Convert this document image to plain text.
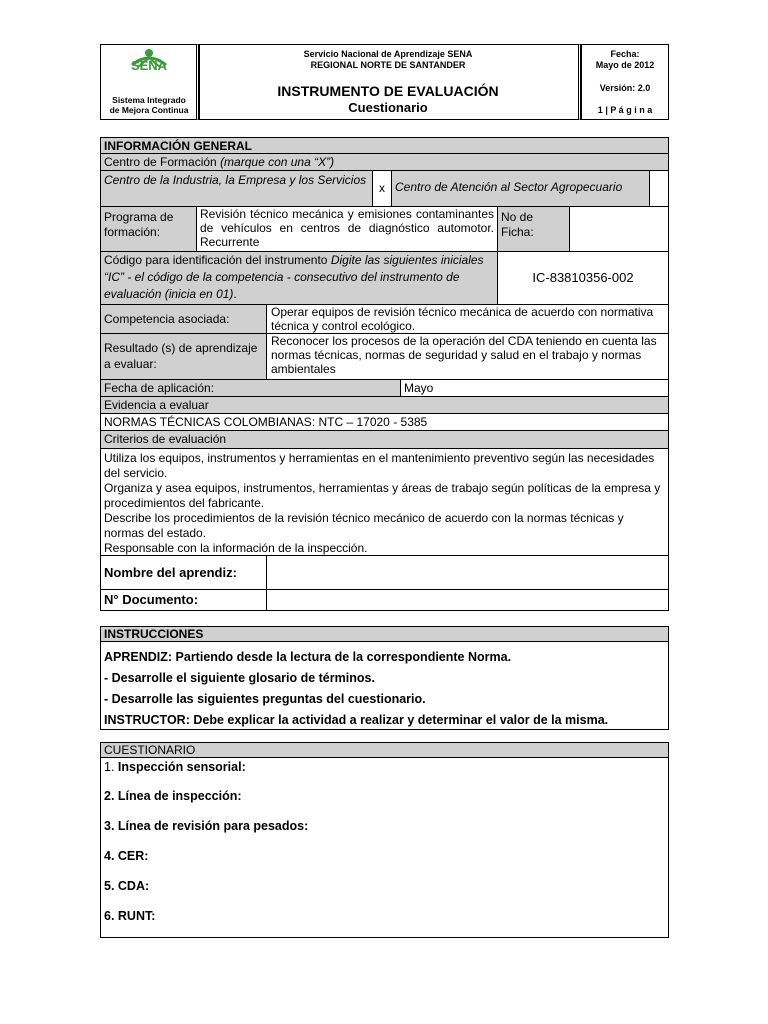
SENA
Sistema Integrado
de Mejora Continua
Servicio Nacional de Aprendizaje SENA
REGIONAL NORTE DE SANTANDER
INSTRUMENTO DE EVALUACIÓN
Cuestionario
Fecha:
Mayo de 2012
Versión: 2.0
1 | P á g i n a
INFORMACIÓN GENERAL
Centro de Formación (marque con una “X”)
Centro de la Industria, la Empresa y los Servicios
x Centro de Atención al Sector Agropecuario
Programa de formación:
Revisión técnico mecánica y emisiones contaminantes de vehículos en centros de diagnóstico automotor. Recurrente
No de Ficha:
Código para identificación del instrumento Digite las siguientes iniciales “IC” - el código de la competencia - consecutivo del instrumento de evaluación (inicia en 01).
IC-83810356-002
Competencia asociada:	Operar equipos de revisión técnico mecánica de acuerdo con normativa técnica y control ecológico.
Resultado (s) de aprendizaje a evaluar:
Reconocer los procesos de la operación del CDA teniendo en cuenta las normas técnicas, normas de seguridad y salud en el trabajo y normas ambientales
Fecha de aplicación:	Mayo
Evidencia a evaluar
NORMAS TÉCNICAS COLOMBIANAS: NTC – 17020 - 5385
Criterios de evaluación
Utiliza los equipos, instrumentos y herramientas en el mantenimiento preventivo según las necesidades del servicio.
Organiza y asea equipos, instrumentos, herramientas y áreas de trabajo según políticas de la empresa y procedimientos del fabricante.
Describe los procedimientos de la revisión técnico mecánico de acuerdo con la normas técnicas y normas del estado.
Responsable con la información de la inspección.
Nombre del aprendiz:
N° Documento:
INSTRUCCIONES
APRENDIZ: Partiendo desde la lectura de la correspondiente Norma.
- Desarrolle el siguiente glosario de términos.
- Desarrolle las siguientes preguntas del cuestionario.
INSTRUCTOR: Debe explicar la actividad a realizar y determinar el valor de la misma.
CUESTIONARIO
1. Inspección sensorial:
2. Línea de inspección:
3. Línea de revisión para pesados:
4. CER:
5. CDA:
6. RUNT:
